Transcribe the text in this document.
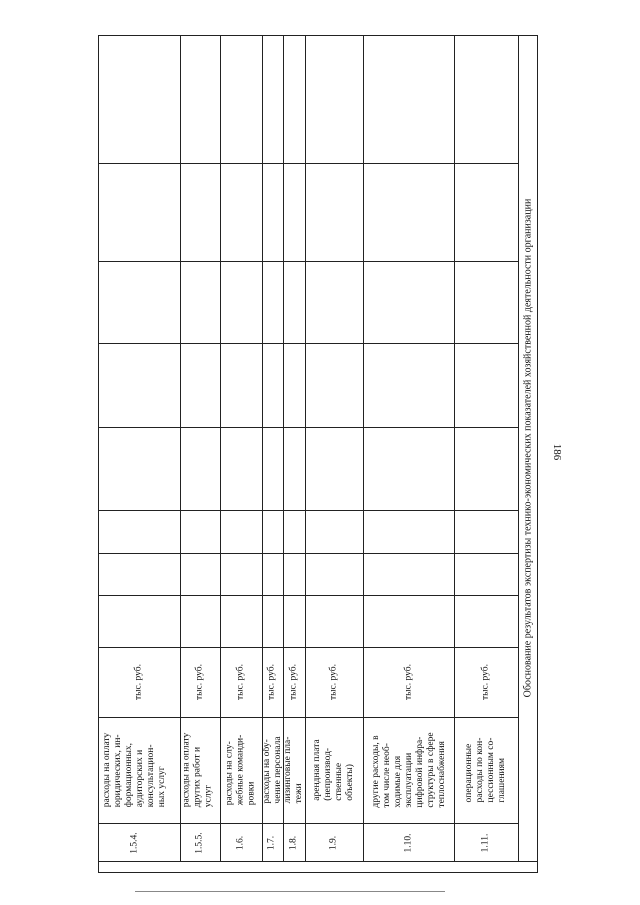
186
1.5.4.
расходы на оплату
юридических, ин-
формационных,
аудиторских и
консультацион-
ных услуг
тыс. руб.
1.5.5.
расходы на оплату
других работ и
услуг
тыс. руб.
1.6.
расходы на слу-
жебные команди-
ровки
тыс. руб.
1.7.
расходы на обу-
чение персонала
тыс. руб.
1.8.
лизинговые пла-
тежи
тыс. руб.
1.9.
арендная плата
(непроизвод-
ственные
объекты)
тыс. руб.
1.10.
другие расходы, в
том числе необ-
ходимые для
эксплуатации
цифровой инфра-
структуры в сфере
теплоснабжения
тыс. руб.
1.11.
операционные
расходы по кон-
цессионным со-
глашениям
тыс. руб.	Обоснование результатов экспертизы технико-экономических показателей хозяйственной деятельности организации
